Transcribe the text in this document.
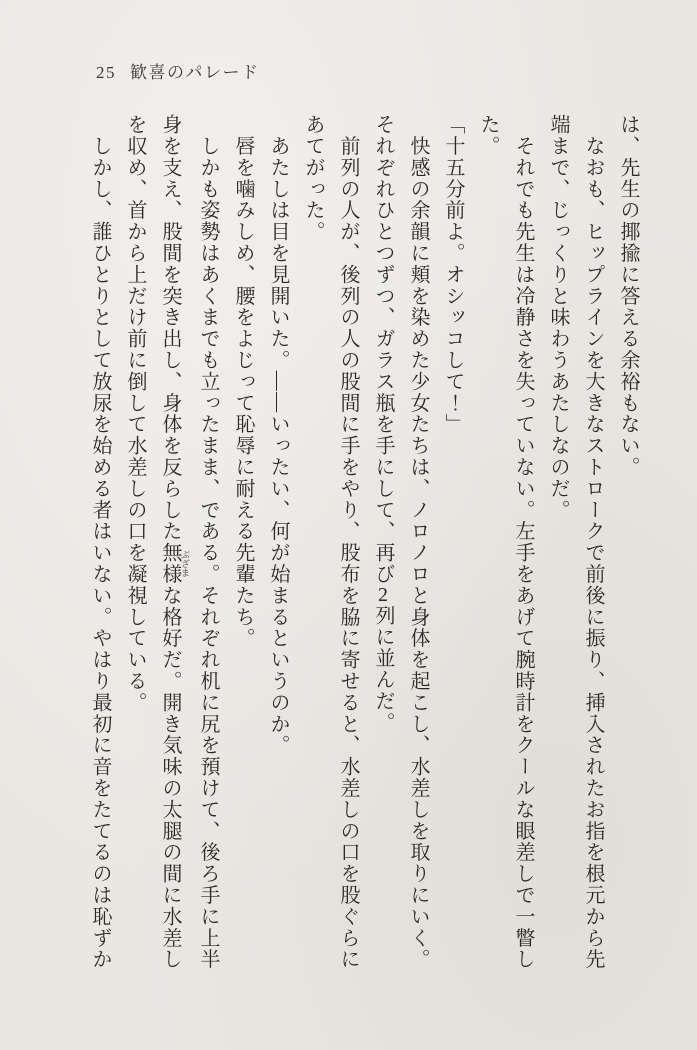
25 歓喜のパレード

は、先生の揶揄に答える余裕もない。

　なおも、ヒップラインを大きなストロークで前後に振り、挿入されたお指を根元から先

端まで、じっくりと味わうあたしなのだ。

　それでも先生は冷静さを失っていない。左手をあげて腕時計をクールな眼差しで一瞥し

た。

「十五分前よ。オシッコして！」

　快感の余韻に頬を染めた少女たちは、ノロノロと身体を起こし、水差しを取りにいく。

それぞれひとつずつ、ガラス瓶を手にして、再び2列に並んだ。

　前列の人が、後列の人の股間に手をやり、股布を脇に寄せると、水差しの口を股ぐらに

あてがった。

　あたしは目を見開いた。――いったい、何が始まるというのか。

　唇を噛みしめ、腰をよじって恥辱に耐える先輩たち。

　しかも姿勢はあくまでも立ったまま、である。それぞれ机に尻を預けて、後ろ手に上半

身を支え、股間を突き出し、身体を反らした無様 ぶざまな格好だ。開き気味の太腿の間に水差し

を収め、首から上だけ前に倒して水差しの口を凝視している。

　しかし、誰ひとりとして放尿を始める者はいない。やはり最初に音をたてるのは恥ずか
